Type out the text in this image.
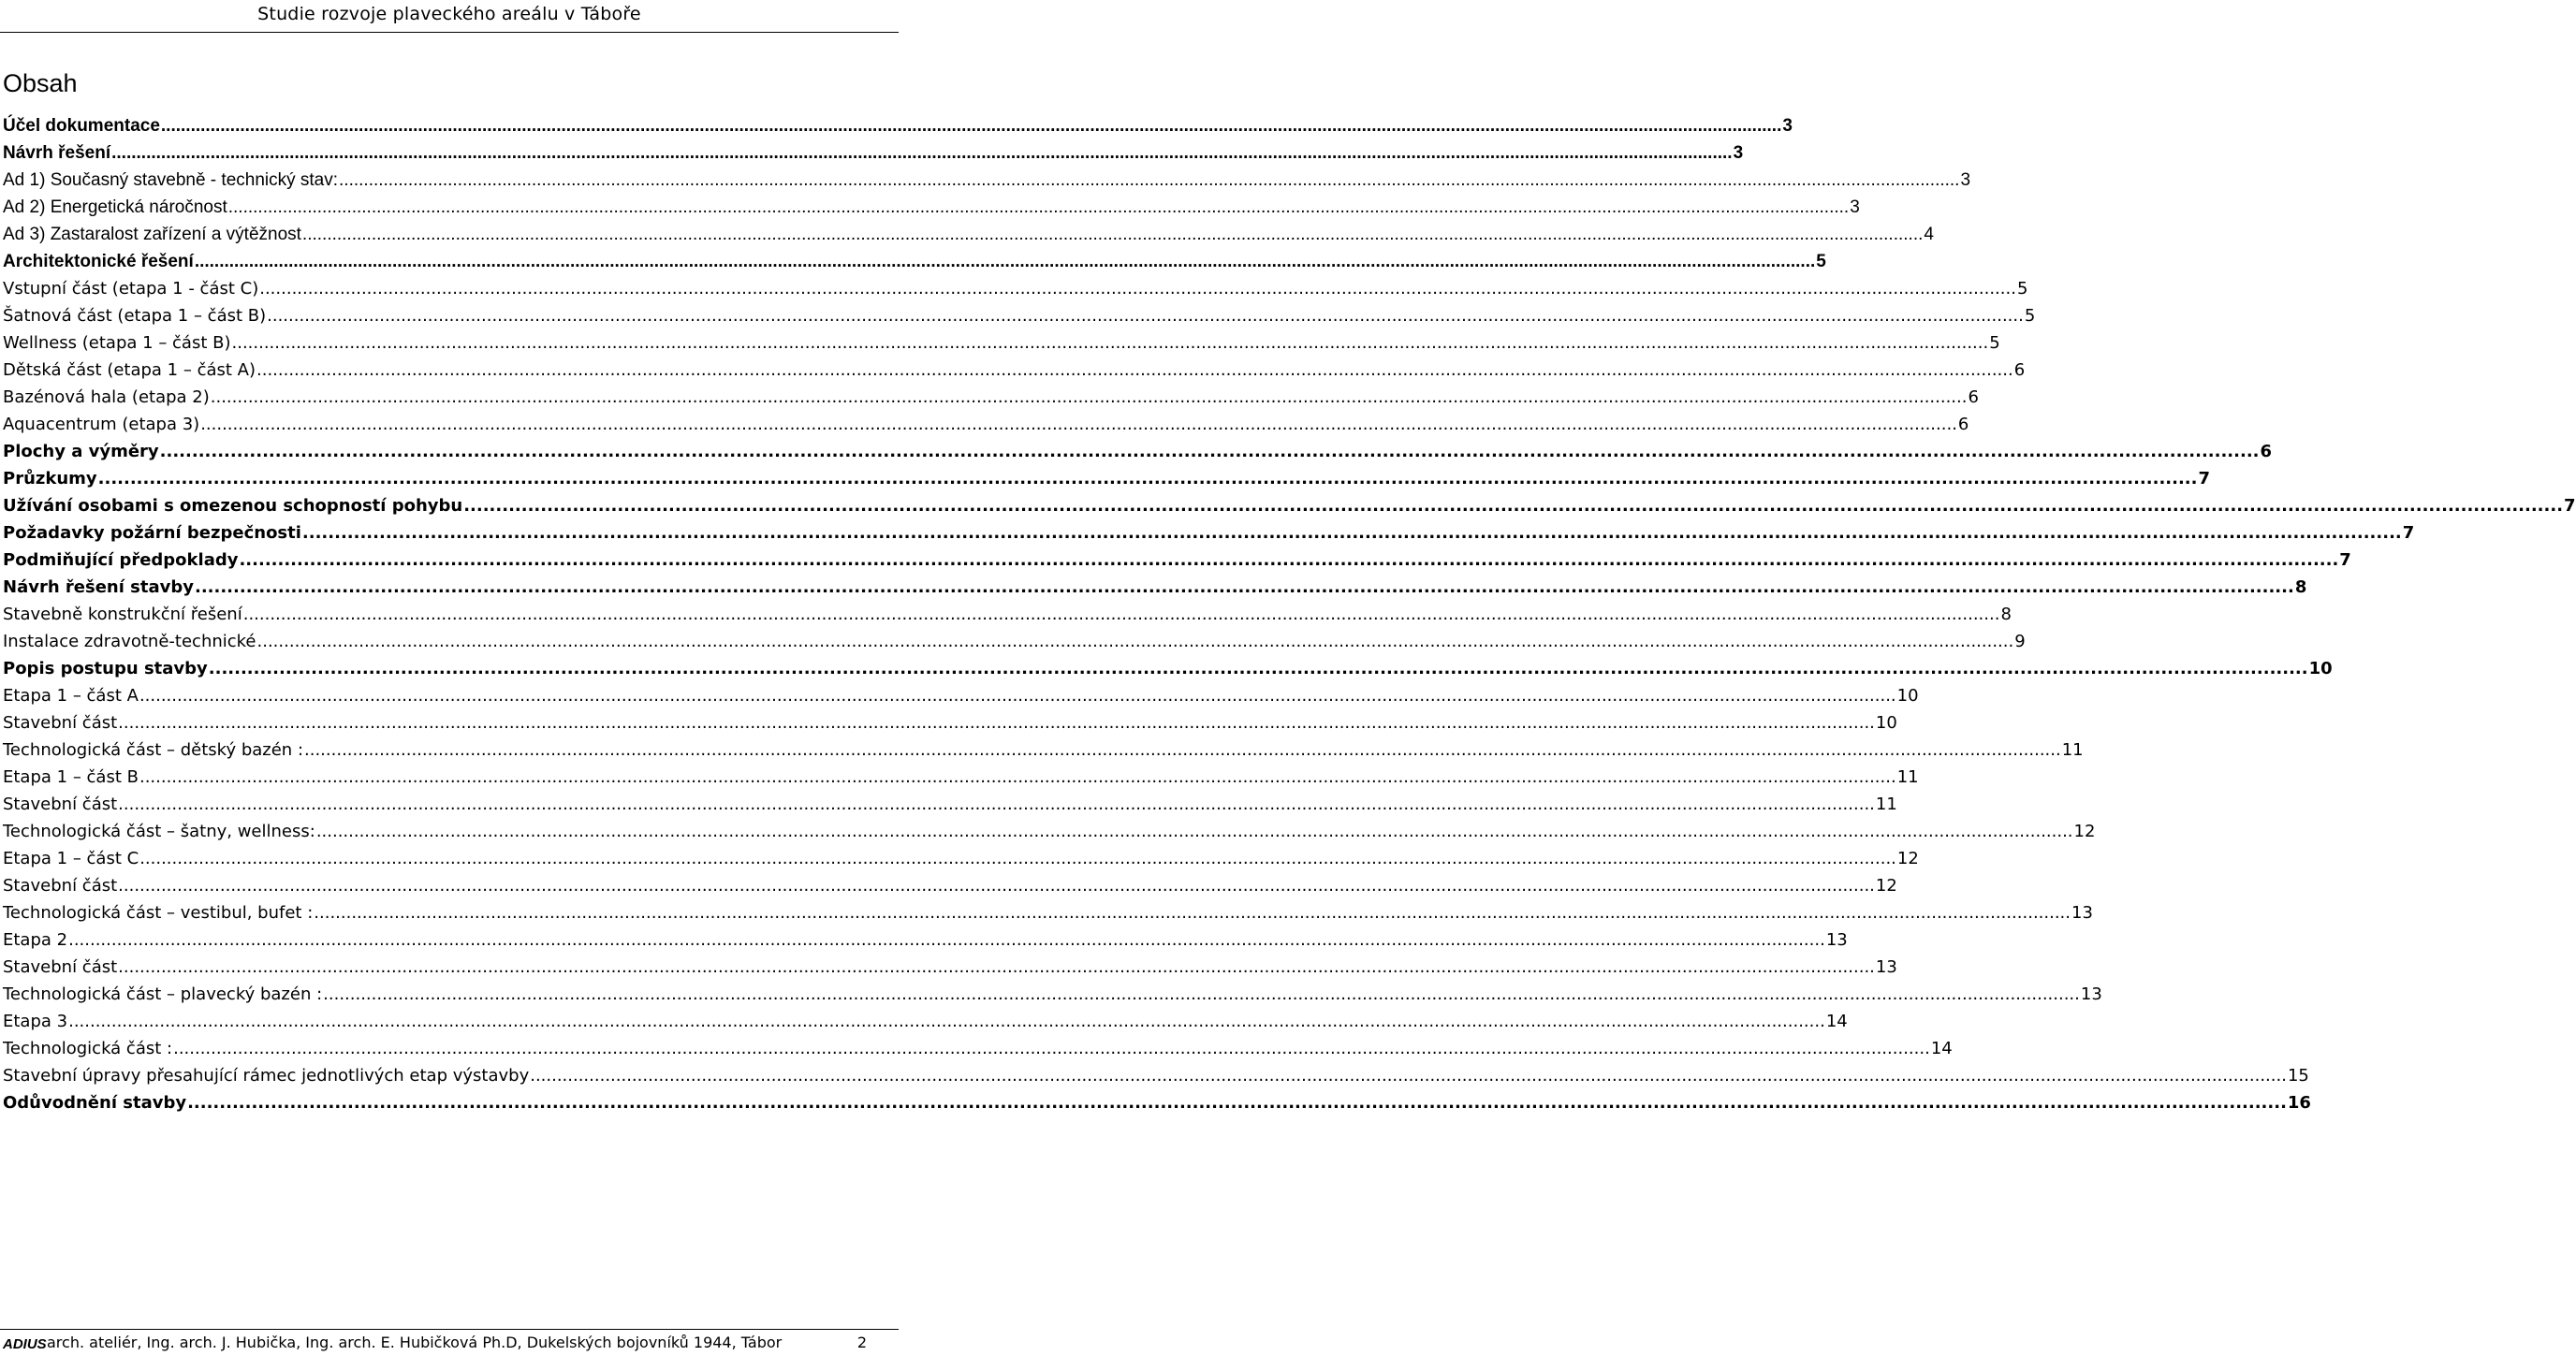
Studie rozvoje plaveckého areálu v Táboře
Obsah
Účel dokumentace .....	3
Návrh řešení .....	3
Ad 1) Současný stavebně - technický stav: .....	3
Ad 2) Energetická náročnost .....	3
Ad 3) Zastaralost zařízení a výtěžnost .....	4
Architektonické řešení .....	5
Vstupní část (etapa 1 - část C) .....	5
Šatnová část (etapa 1 – část B) .....	5
Wellness (etapa 1 – část B) .....	5
Dětská část (etapa 1 – část A) .....	6
Bazénová hala (etapa 2) .....	6
Aquacentrum (etapa 3) .....	6
Plochy a výměry .....	6
Průzkumy .....	7
Užívání osobami s omezenou schopností pohybu .....	7
Požadavky požární bezpečnosti .....	7
Podmiňující předpoklady .....	7
Návrh řešení stavby .....	8
Stavebně konstrukční řešení .....	8
Instalace zdravotně-technické .....	9
Popis postupu stavby .....	10
Etapa 1 – část A .....	10
Stavební část .....	10
Technologická část – dětský bazén : .....	11
Etapa 1 – část B .....	11
Stavební část .....	11
Technologická část – šatny, wellness: .....	12
Etapa 1 – část C .....	12
Stavební část .....	12
Technologická část – vestibul, bufet : .....	13
Etapa 2 .....	13
Stavební část .....	13
Technologická část – plavecký bazén : .....	13
Etapa 3 .....	14
Technologická část : .....	14
Stavební úpravy přesahující rámec jednotlivých etap výstavby .....	15
Odůvodnění stavby .....	16
ADIUS arch. ateliér, Ing. arch. J. Hubička, Ing. arch. E. Hubičková Ph.D, Dukelských bojovníků 1944, Tábor	2
